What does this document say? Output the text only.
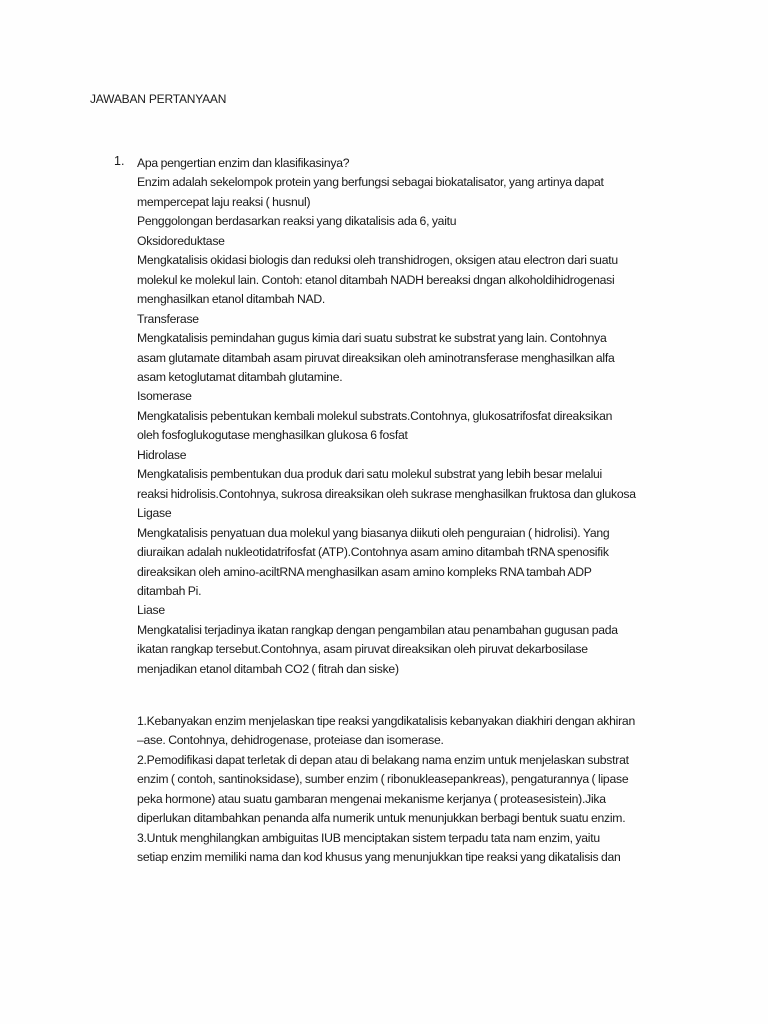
JAWABAN PERTANYAAN
1. Apa pengertian enzim dan klasifikasinya?
Enzim adalah sekelompok protein yang berfungsi sebagai biokatalisator, yang artinya dapat
mempercepat laju reaksi ( husnul)
Penggolongan berdasarkan reaksi yang dikatalisis ada 6, yaitu
Oksidoreduktase
Mengkatalisis okidasi biologis dan reduksi oleh transhidrogen, oksigen atau electron dari suatu
molekul ke molekul lain. Contoh: etanol ditambah NADH bereaksi dngan alkoholdihidrogenasi
menghasilkan etanol ditambah NAD.
Transferase
Mengkatalisis pemindahan gugus kimia dari suatu substrat ke substrat yang lain. Contohnya
asam glutamate ditambah asam piruvat direaksikan oleh aminotransferase menghasilkan alfa
asam ketoglutamat ditambah glutamine.
Isomerase
Mengkatalisis pebentukan kembali molekul substrats.Contohnya, glukosatrifosfat direaksikan
oleh fosfoglukogutase menghasilkan glukosa 6 fosfat
Hidrolase
Mengkatalisis pembentukan dua produk dari satu molekul substrat yang lebih besar melalui
reaksi hidrolisis.Contohnya, sukrosa direaksikan oleh sukrase menghasilkan fruktosa dan glukosa
Ligase
Mengkatalisis penyatuan dua molekul yang biasanya diikuti oleh penguraian ( hidrolisi). Yang
diuraikan adalah nukleotidatrifosfat (ATP).Contohnya asam amino ditambah tRNA spenosifik
direaksikan oleh amino-aciltRNA menghasilkan asam amino kompleks RNA tambah ADP
ditambah Pi.
Liase
Mengkatalisi terjadinya ikatan rangkap dengan pengambilan atau penambahan gugusan pada
ikatan rangkap tersebut.Contohnya, asam piruvat direaksikan oleh piruvat dekarbosilase
menjadikan etanol ditambah CO2 ( fitrah dan siske)
1.Kebanyakan enzim menjelaskan tipe reaksi yangdikatalisis kebanyakan diakhiri dengan akhiran
–ase. Contohnya, dehidrogenase, proteiase dan isomerase.
2.Pemodifikasi dapat terletak di depan atau di belakang nama enzim untuk menjelaskan substrat
enzim ( contoh, santinoksidase), sumber enzim ( ribonukleasepankreas), pengaturannya ( lipase
peka hormone) atau suatu gambaran mengenai mekanisme kerjanya ( proteasesistein).Jika
diperlukan ditambahkan penanda alfa numerik untuk menunjukkan berbagi bentuk suatu enzim.
3.Untuk menghilangkan ambiguitas IUB menciptakan sistem terpadu tata nam enzim, yaitu
setiap enzim memiliki nama dan kod khusus yang menunjukkan tipe reaksi yang dikatalisis dan
